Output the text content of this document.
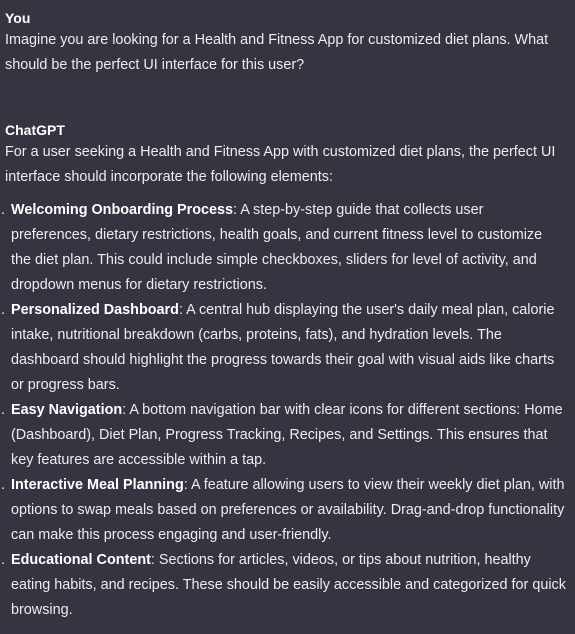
You
Imagine you are looking for a Health and Fitness App for customized diet plans. What should be the perfect UI interface for this user?
ChatGPT
For a user seeking a Health and Fitness App with customized diet plans, the perfect UI interface should incorporate the following elements:
. Welcoming Onboarding Process: A step-by-step guide that collects user preferences, dietary restrictions, health goals, and current fitness level to customize the diet plan. This could include simple checkboxes, sliders for level of activity, and dropdown menus for dietary restrictions.
. Personalized Dashboard: A central hub displaying the user's daily meal plan, calorie intake, nutritional breakdown (carbs, proteins, fats), and hydration levels. The dashboard should highlight the progress towards their goal with visual aids like charts or progress bars.
. Easy Navigation: A bottom navigation bar with clear icons for different sections: Home (Dashboard), Diet Plan, Progress Tracking, Recipes, and Settings. This ensures that key features are accessible within a tap.
. Interactive Meal Planning: A feature allowing users to view their weekly diet plan, with options to swap meals based on preferences or availability. Drag-and-drop functionality can make this process engaging and user-friendly.
. Educational Content: Sections for articles, videos, or tips about nutrition, healthy eating habits, and recipes. These should be easily accessible and categorized for quick browsing.
